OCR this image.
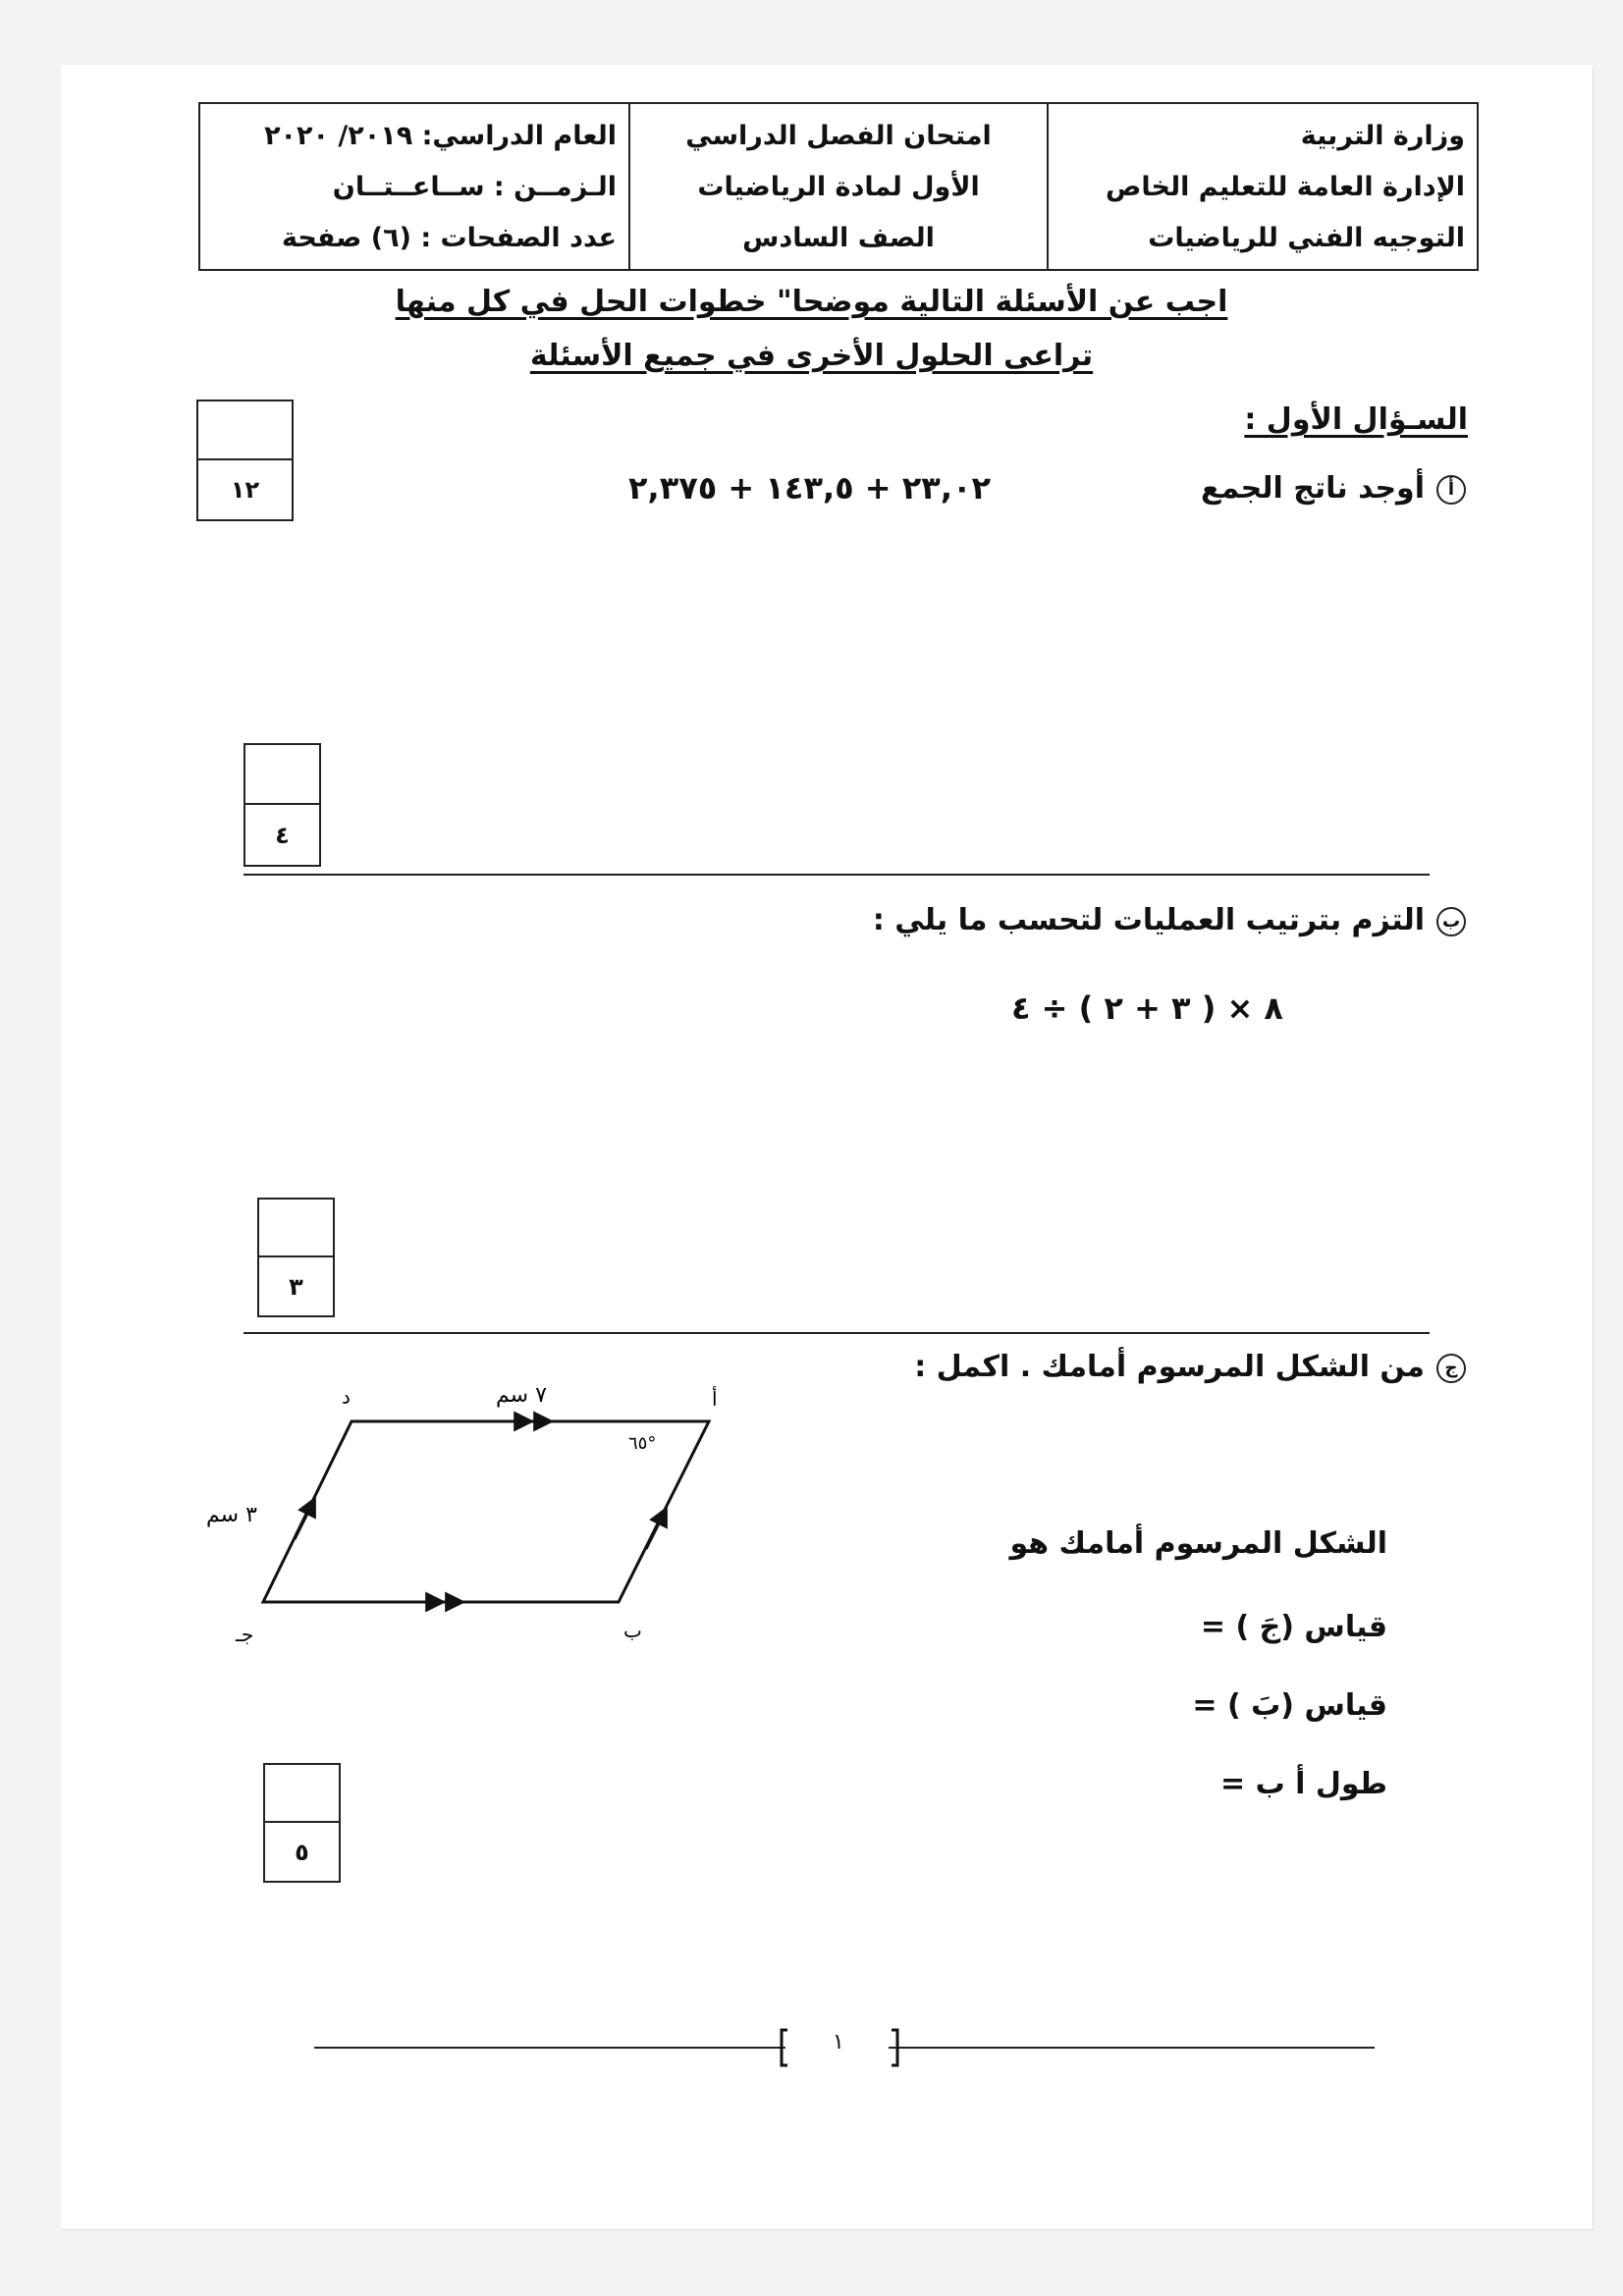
وزارة التربية
الإدارة العامة للتعليم الخاص
التوجيه الفني للرياضيات
امتحان الفصل الدراسي
الأول لمادة الرياضيات
الصف السادس
العام الدراسي: ٢٠١٩/ ٢٠٢٠
الـزمــن : ســاعــتــان
عدد الصفحات : (٦) صفحة
اجب عن الأسئلة التالية موضحا" خطوات الحل في كل منها
تراعى الحلول الأخرى في جميع الأسئلة
السـؤال الأول :
١٢	أأوجد ناتج الجمع
٢٣,٠٢ + ١٤٣,٥ + ٢,٣٧٥
٤
بالتزم بترتيب العمليات لتحسب ما يلي :
٨ × ( ٣ + ٢ ) ÷ ٤
٣
جمن الشكل المرسوم أمامك . اكمل :
د	أ
ب
جـ
٧ سم
٣ سم
٦٥°
الشكل المرسوم أمامك هو
قياس (جَ ) =
قياس (بَ ) =
طول أ ب =
٥
١
